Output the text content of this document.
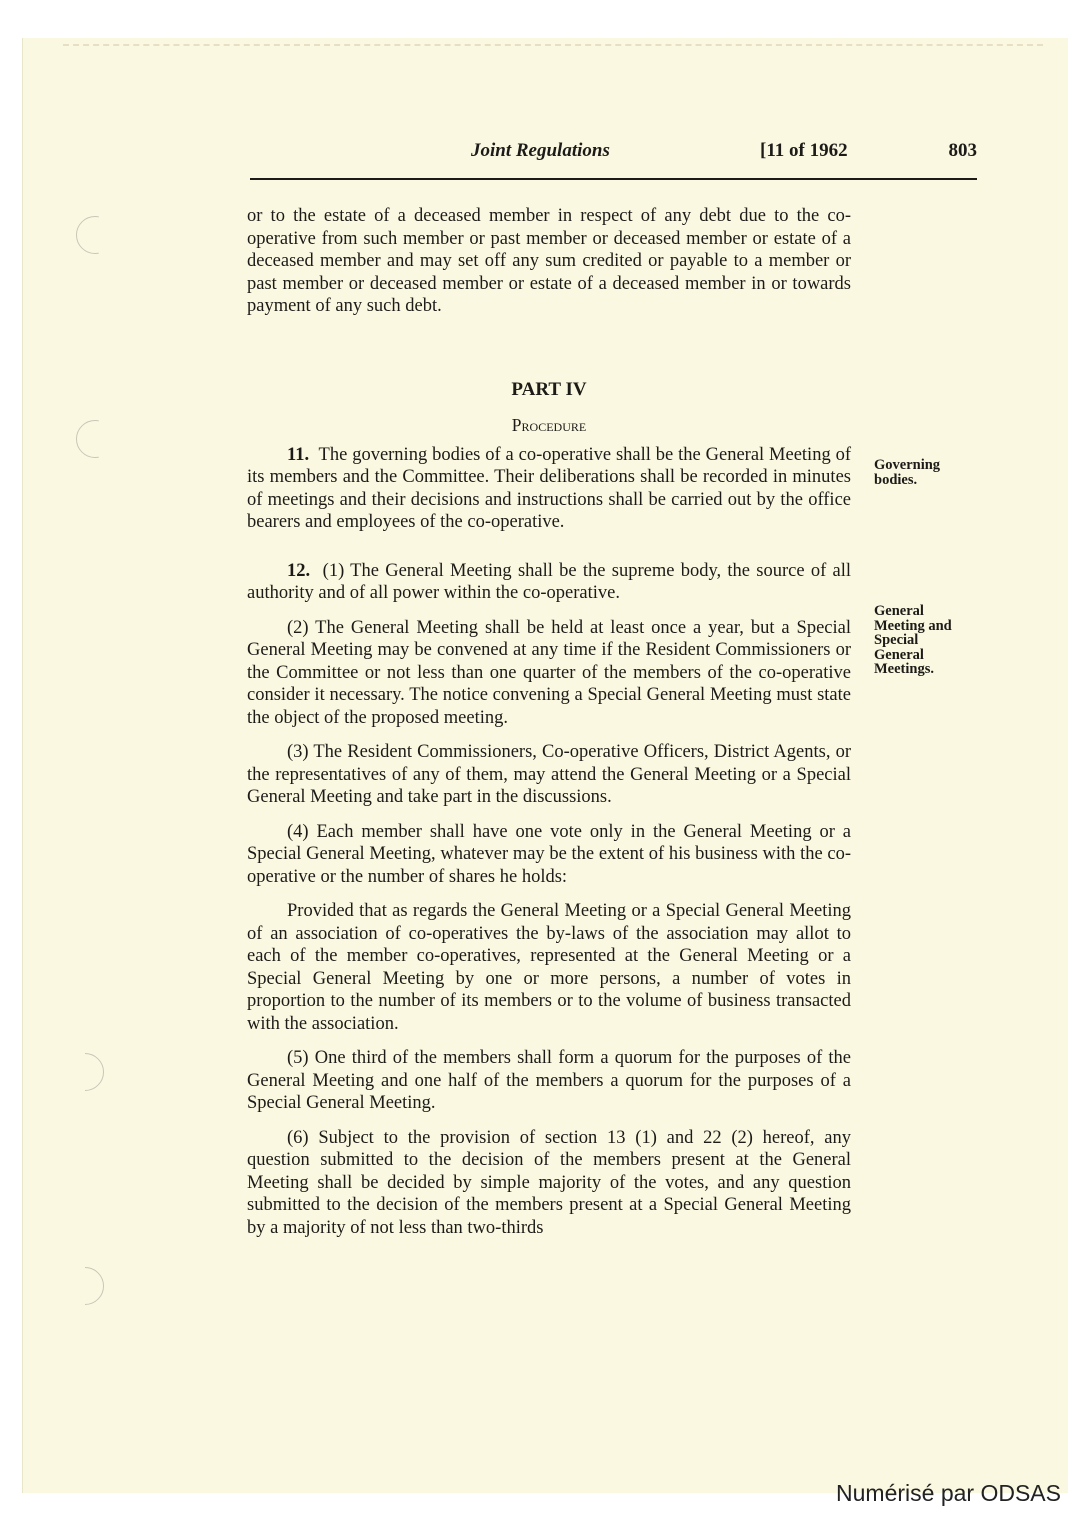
Joint Regulations	[11 of 1962	803

or to the estate of a deceased member in respect of any debt due to the co-operative from such member or past member or deceased member or estate of a deceased member and may set off any sum credited or payable to a member or past member or deceased member or estate of a deceased member in or towards payment of any such debt.

PART IV

Procedure

11. The governing bodies of a co-operative shall be the General Meeting of its members and the Committee. Their deliberations shall be recorded in minutes of meetings and their decisions and instructions shall be carried out by the office bearers and employees of the co-operative.

12. (1) The General Meeting shall be the supreme body, the source of all authority and of all power within the co-operative.

(2) The General Meeting shall be held at least once a year, but a Special General Meeting may be convened at any time if the Resident Commissioners or the Committee or not less than one quarter of the members of the co-operative consider it necessary. The notice convening a Special General Meeting must state the object of the proposed meeting.

(3) The Resident Commissioners, Co-operative Officers, District Agents, or the representatives of any of them, may attend the General Meeting or a Special General Meeting and take part in the discussions.

(4) Each member shall have one vote only in the General Meeting or a Special General Meeting, whatever may be the extent of his business with the co-operative or the number of shares he holds:

Provided that as regards the General Meeting or a Special General Meeting of an association of co-operatives the by-laws of the association may allot to each of the member co-operatives, represented at the General Meeting or a Special General Meeting by one or more persons, a number of votes in proportion to the number of its members or to the volume of business transacted with the association.

(5) One third of the members shall form a quorum for the purposes of the General Meeting and one half of the members a quorum for the purposes of a Special General Meeting.

(6) Subject to the provision of section 13 (1) and 22 (2) hereof, any question submitted to the decision of the members present at the General Meeting shall be decided by simple majority of the votes, and any question submitted to the decision of the members present at a Special General Meeting by a majority of not less than two-thirds

Governing
bodies.
General
Meeting and
Special
General
Meetings.
Numérisé par ODSAS
